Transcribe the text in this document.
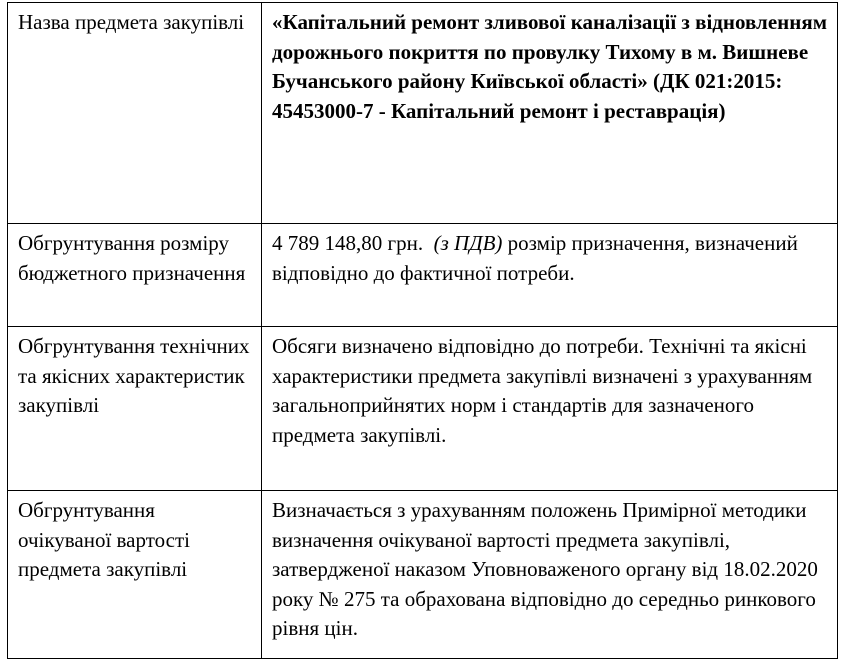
Назва предмета закупівлі	«Капітальний ремонт зливової каналізації з відновленням дорожнього покриття по провулку Тихому в м. Вишневе Бучанського району Київської області» (ДК 021:2015: 45453000-7 - Капітальний ремонт і реставрація)
Обгрунтування розміру бюджетного призначення	4 789 148,80 грн. (з ПДВ) розмір призначення, визначений відповідно до фактичної потреби.
Обгрунтування технічних та якісних характеристик закупівлі	Обсяги визначено відповідно до потреби. Технічні та якісні характеристики предмета закупівлі визначені з урахуванням загальноприйнятих норм і стандартів для зазначеного предмета закупівлі.
Обгрунтування очікуваної вартості предмета закупівлі	Визначається з урахуванням положень Примірної методики визначення очікуваної вартості предмета закупівлі, затвердженої наказом Уповноваженого органу від 18.02.2020 року № 275 та обрахована відповідно до середньо ринкового рівня цін.
